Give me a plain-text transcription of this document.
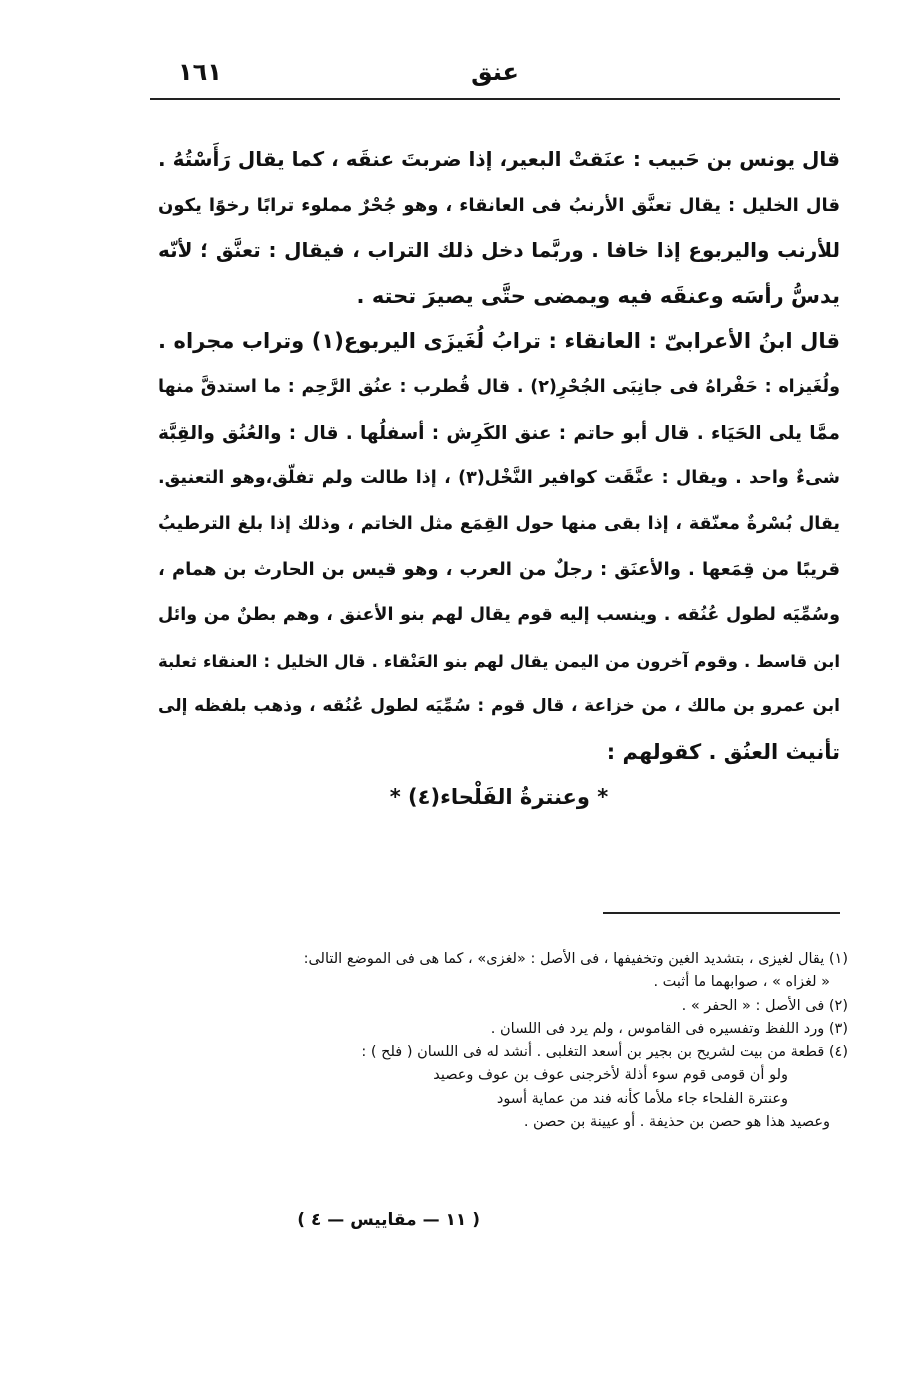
عنق
١٦١
قال يونس بن حَبيب : عنَقتْ البعير، إذا ضربتَ عنقَه ، كما يقال رَأَسْتُهُ .
قال الخليل : يقال تعنَّق الأرنبُ فى العانقاء ، وهو جُحْرٌ مملوء ترابًا رخوًا يكون
للأرنب واليربوع إذا خافا . وربَّما دخل ذلك التراب ، فيقال : تعنَّق ؛ لأنّه
يدسُّ رأسَه وعنقَه فيه ويمضى حتَّى يصيرَ تحته .
قال ابنُ الأعرابىّ : العانقاء : ترابُ لُغَيزَى اليربوع(١) وتراب مجراه .
ولُغَيزاه : حَفْراهُ فى جانِبَى الجُحْرِ(٢) . قال قُطرب : عنُق الرَّحِم : ما استدقَّ منها
ممَّا يلى الحَيَاء . قال أبو حاتم : عنق الكَرِش : أسفلُها . قال : والعُنُق والقِبَّة
شىءٌ واحد . ويقال : عنَّقَت كوافير النَّخْل(٣) ، إذا طالت ولم تفلّق،وهو التعنيق.
يقال بُسْرةٌ معنّقة ، إذا بقى منها حول القِمَع مثل الخاتم ، وذلك إذا بلغ الترطيبُ
قريبًا من قِمَعها . والأعنَق : رجلٌ من العرب ، وهو قيس بن الحارث بن همام ،
وسُمِّيَه لطول عُنُقه . وينسب إليه قوم يقال لهم بنو الأعنق ، وهم بطنٌ من وائل
ابن قاسط . وقوم آخرون من اليمن يقال لهم بنو العَنْقاء . قال الخليل : العنقاء ثعلبة
ابن عمرو بن مالك ، من خزاعة ، قال قوم : سُمِّيَه لطول عُنُقه ، وذهب بلفظه إلى
تأنيث العنُق . كقولهم :
* وعنترةُ الفَلْحاء(٤) *
(١) يقال لغيزى ، بتشديد الغين وتخفيفها ، فى الأصل : «لغزى» ، كما هى فى الموضع التالى:
« لغزاه » ، صوابهما ما أثبت .
(٢) فى الأصل : « الحفر » .
(٣) ورد اللفظ وتفسيره فى القاموس ، ولم يرد فى اللسان .
(٤) قطعة من بيت لشريح بن بجير بن أسعد التغلبى . أنشد له فى اللسان ( فلح ) :
ولو أن قومى قوم سوء أذلة لأخرجنى عوف بن عوف وعصيد
وعنترة الفلحاء جاء ملأما كأنه فند من عماية أسود
وعصيد هذا هو حصن بن حذيفة . أو عيينة بن حصن .
( ١١ — مقاييس — ٤ )
